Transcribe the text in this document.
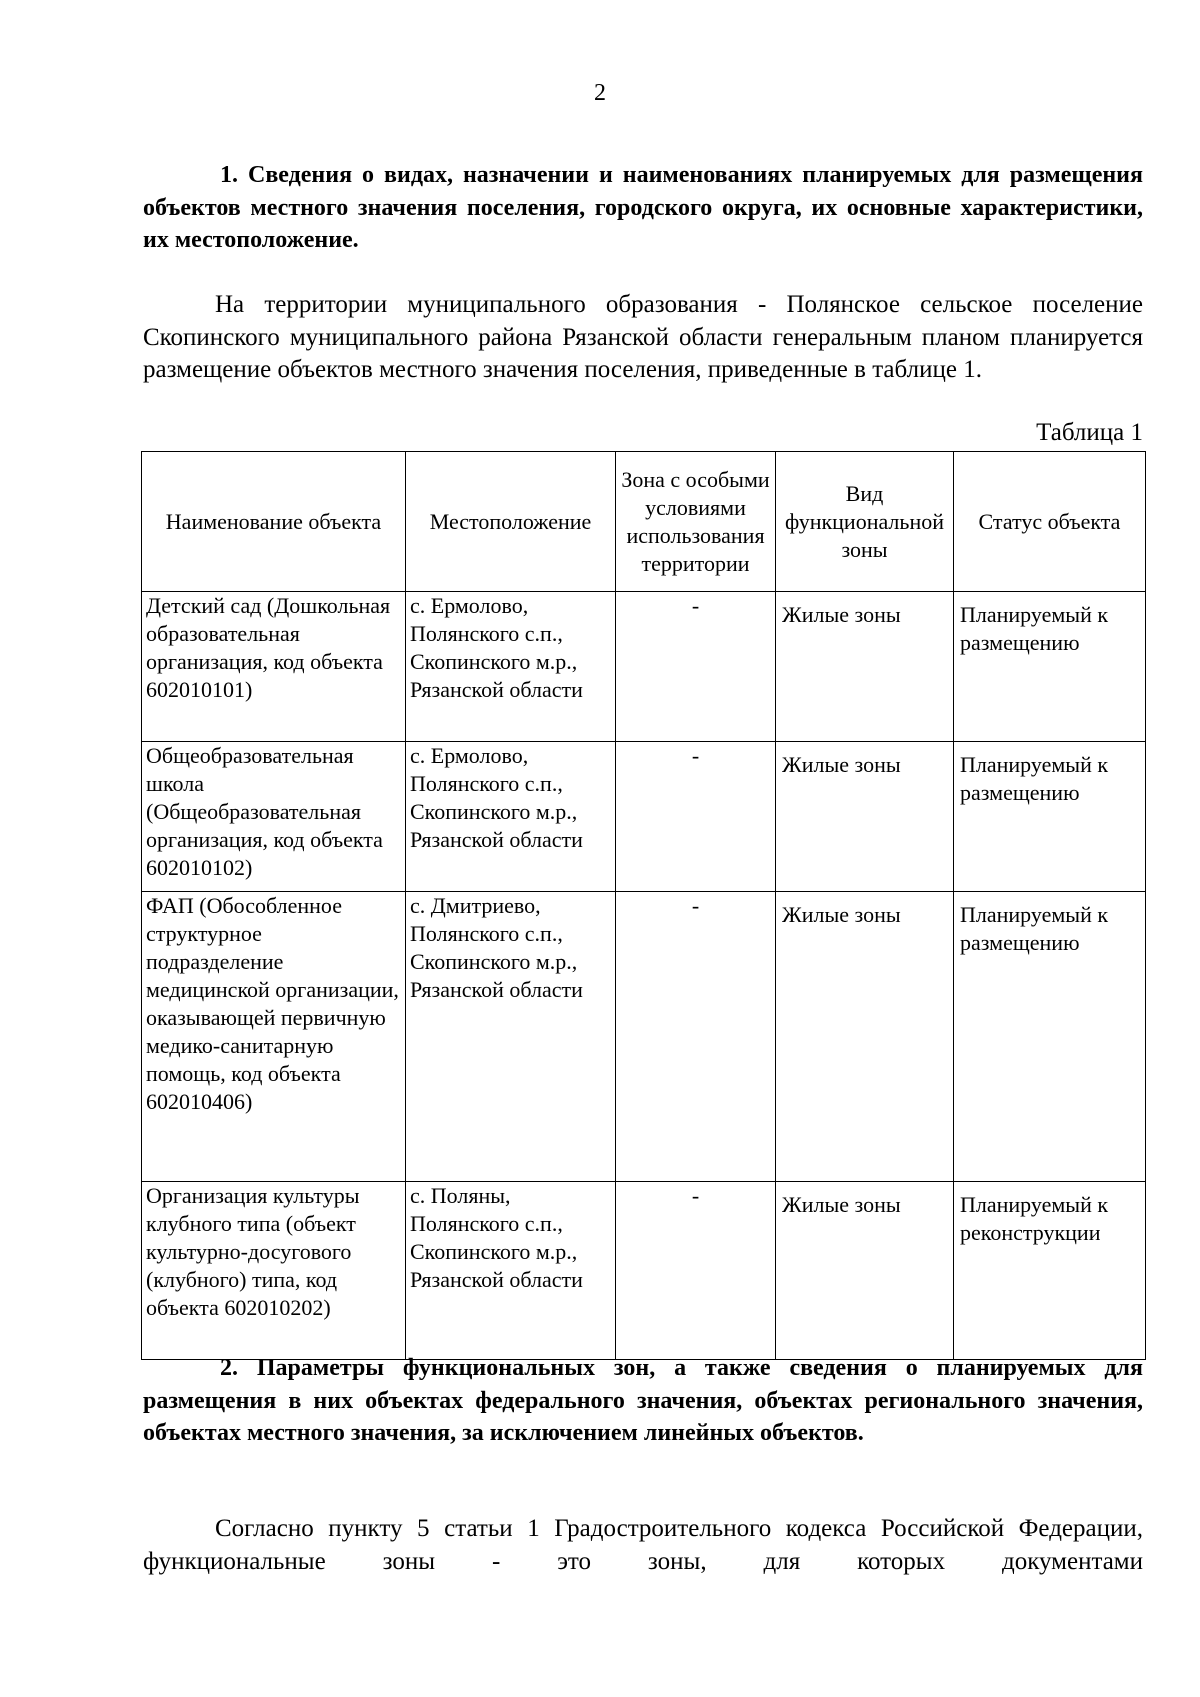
2

1. Сведения о видах, назначении и наименованиях планируемых для размещения объектов местного значения поселения, городского округа, их основные характеристики, их местоположение.

На территории муниципального образования - Полянское сельское поселение Скопинского муниципального района Рязанской области генеральным планом планируется размещение объектов местного значения поселения, приведенные в таблице 1.

Таблица 1
Наименование объекта	Местоположение	Зона с особыми условиями использования территории	Вид функциональной зоны	Статус объекта
Детский сад (Дошкольная образовательная организация, код объекта 602010101)	с. Ермолово, Полянского с.п., Скопинского м.р., Рязанской области	-	Жилые зоны	Планируемый к размещению
Общеобразовательная школа (Общеобразовательная организация, код объекта 602010102)	с. Ермолово, Полянского с.п., Скопинского м.р., Рязанской области	-	Жилые зоны	Планируемый к размещению
ФАП (Обособленное структурное подразделение медицинской организации, оказывающей первичную медико-санитарную помощь, код объекта 602010406)	с. Дмитриево, Полянского с.п., Скопинского м.р., Рязанской области	-	Жилые зоны	Планируемый к размещению
Организация культуры клубного типа (объект культурно-досугового (клубного) типа, код объекта 602010202)	с. Поляны, Полянского с.п., Скопинского м.р., Рязанской области	-	Жилые зоны	Планируемый к реконструкции

2. Параметры функциональных зон, а также сведения о планируемых для размещения в них объектах федерального значения, объектах регионального значения, объектах местного значения, за исключением линейных объектов.

Согласно пункту 5 статьи 1 Градостроительного кодекса Российской Федерации, функциональные зоны - это зоны, для которых документами
